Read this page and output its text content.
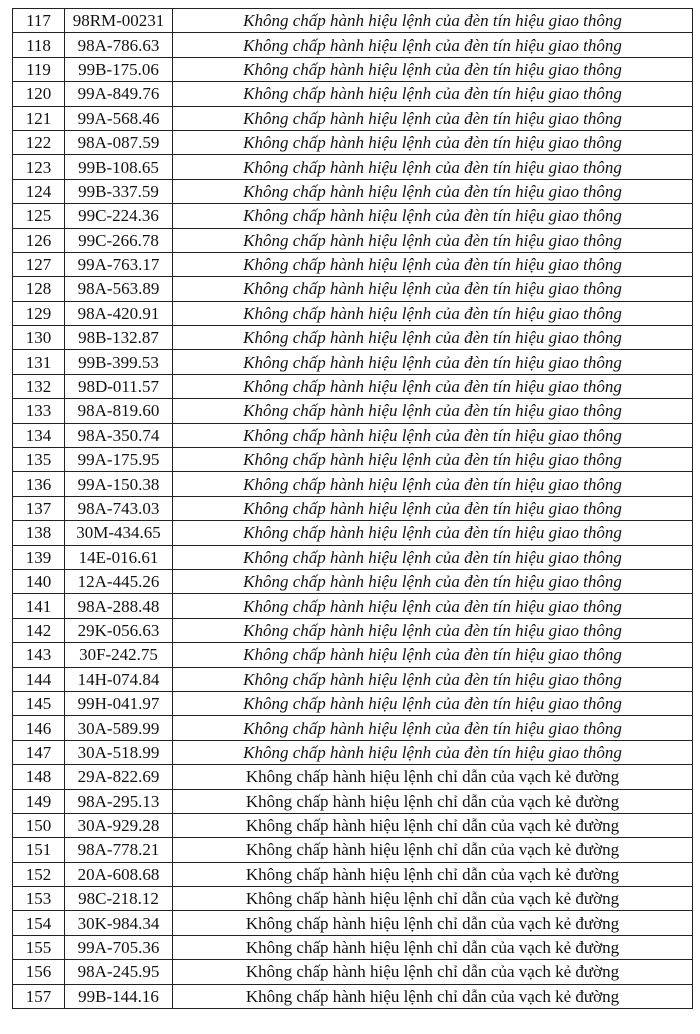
117	98RM-00231	Không chấp hành hiệu lệnh của đèn tín hiệu giao thông
118	98A-786.63	Không chấp hành hiệu lệnh của đèn tín hiệu giao thông
119	99B-175.06	Không chấp hành hiệu lệnh của đèn tín hiệu giao thông
120	99A-849.76	Không chấp hành hiệu lệnh của đèn tín hiệu giao thông
121	99A-568.46	Không chấp hành hiệu lệnh của đèn tín hiệu giao thông
122	98A-087.59	Không chấp hành hiệu lệnh của đèn tín hiệu giao thông
123	99B-108.65	Không chấp hành hiệu lệnh của đèn tín hiệu giao thông
124	99B-337.59	Không chấp hành hiệu lệnh của đèn tín hiệu giao thông
125	99C-224.36	Không chấp hành hiệu lệnh của đèn tín hiệu giao thông
126	99C-266.78	Không chấp hành hiệu lệnh của đèn tín hiệu giao thông
127	99A-763.17	Không chấp hành hiệu lệnh của đèn tín hiệu giao thông
128	98A-563.89	Không chấp hành hiệu lệnh của đèn tín hiệu giao thông
129	98A-420.91	Không chấp hành hiệu lệnh của đèn tín hiệu giao thông
130	98B-132.87	Không chấp hành hiệu lệnh của đèn tín hiệu giao thông
131	99B-399.53	Không chấp hành hiệu lệnh của đèn tín hiệu giao thông
132	98D-011.57	Không chấp hành hiệu lệnh của đèn tín hiệu giao thông
133	98A-819.60	Không chấp hành hiệu lệnh của đèn tín hiệu giao thông
134	98A-350.74	Không chấp hành hiệu lệnh của đèn tín hiệu giao thông
135	99A-175.95	Không chấp hành hiệu lệnh của đèn tín hiệu giao thông
136	99A-150.38	Không chấp hành hiệu lệnh của đèn tín hiệu giao thông
137	98A-743.03	Không chấp hành hiệu lệnh của đèn tín hiệu giao thông
138	30M-434.65	Không chấp hành hiệu lệnh của đèn tín hiệu giao thông
139	14E-016.61	Không chấp hành hiệu lệnh của đèn tín hiệu giao thông
140	12A-445.26	Không chấp hành hiệu lệnh của đèn tín hiệu giao thông
141	98A-288.48	Không chấp hành hiệu lệnh của đèn tín hiệu giao thông
142	29K-056.63	Không chấp hành hiệu lệnh của đèn tín hiệu giao thông
143	30F-242.75	Không chấp hành hiệu lệnh của đèn tín hiệu giao thông
144	14H-074.84	Không chấp hành hiệu lệnh của đèn tín hiệu giao thông
145	99H-041.97	Không chấp hành hiệu lệnh của đèn tín hiệu giao thông
146	30A-589.99	Không chấp hành hiệu lệnh của đèn tín hiệu giao thông
147	30A-518.99	Không chấp hành hiệu lệnh của đèn tín hiệu giao thông
148	29A-822.69	Không chấp hành hiệu lệnh chỉ dẫn của vạch kẻ đường
149	98A-295.13	Không chấp hành hiệu lệnh chỉ dẫn của vạch kẻ đường
150	30A-929.28	Không chấp hành hiệu lệnh chỉ dẫn của vạch kẻ đường
151	98A-778.21	Không chấp hành hiệu lệnh chỉ dẫn của vạch kẻ đường
152	20A-608.68	Không chấp hành hiệu lệnh chỉ dẫn của vạch kẻ đường
153	98C-218.12	Không chấp hành hiệu lệnh chỉ dẫn của vạch kẻ đường
154	30K-984.34	Không chấp hành hiệu lệnh chỉ dẫn của vạch kẻ đường
155	99A-705.36	Không chấp hành hiệu lệnh chỉ dẫn của vạch kẻ đường
156	98A-245.95	Không chấp hành hiệu lệnh chỉ dẫn của vạch kẻ đường
157	99B-144.16	Không chấp hành hiệu lệnh chỉ dẫn của vạch kẻ đường
